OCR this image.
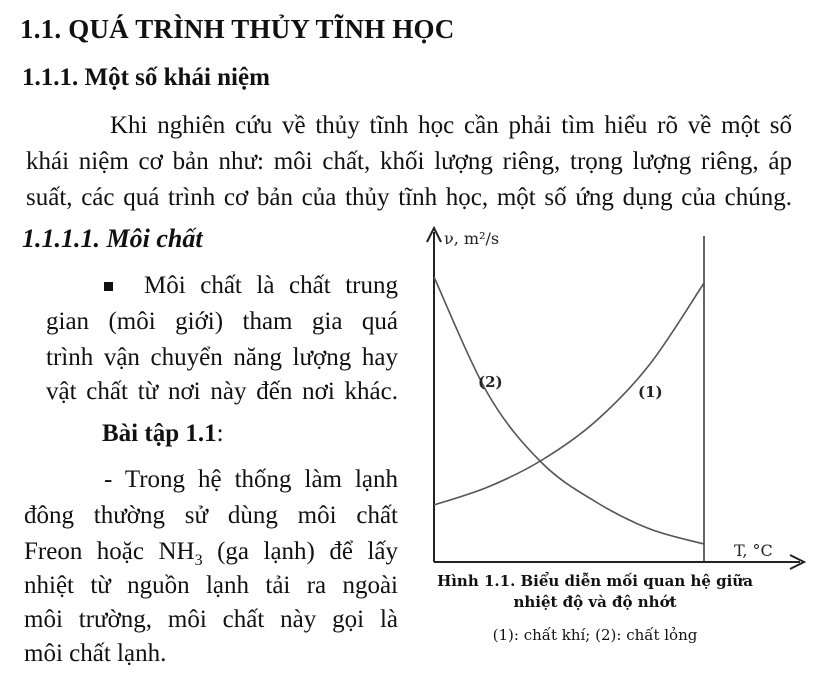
1.1. QUÁ TRÌNH THỦY TĨNH HỌC
1.1.1. Một số khái niệm
Khi nghiên cứu về thủy tĩnh học cần phải tìm hiểu rõ về một số
khái niệm cơ bản như: môi chất, khối lượng riêng, trọng lượng riêng, áp
suất, các quá trình cơ bản của thủy tĩnh học, một số ứng dụng của chúng.
1.1.1.1. Môi chất
Môi chất là chất trung
gian (môi giới) tham gia quá
trình vận chuyển năng lượng hay
vật chất từ nơi này đến nơi khác.
Bài tập 1.1:
- Trong hệ thống làm lạnh
đông thường sử dùng môi chất
Freon hoặc $NH_3$ (ga lạnh) để lấy
nhiệt từ nguồn lạnh tải ra ngoài
môi trường, môi chất này gọi là
môi chất lạnh.
ν, m²/s
T, °C
(1)
(2)
Hình 1.1. Biểu diễn mối quan hệ giữa
nhiệt độ và độ nhớt
(1): chất khí; (2): chất lỏng
